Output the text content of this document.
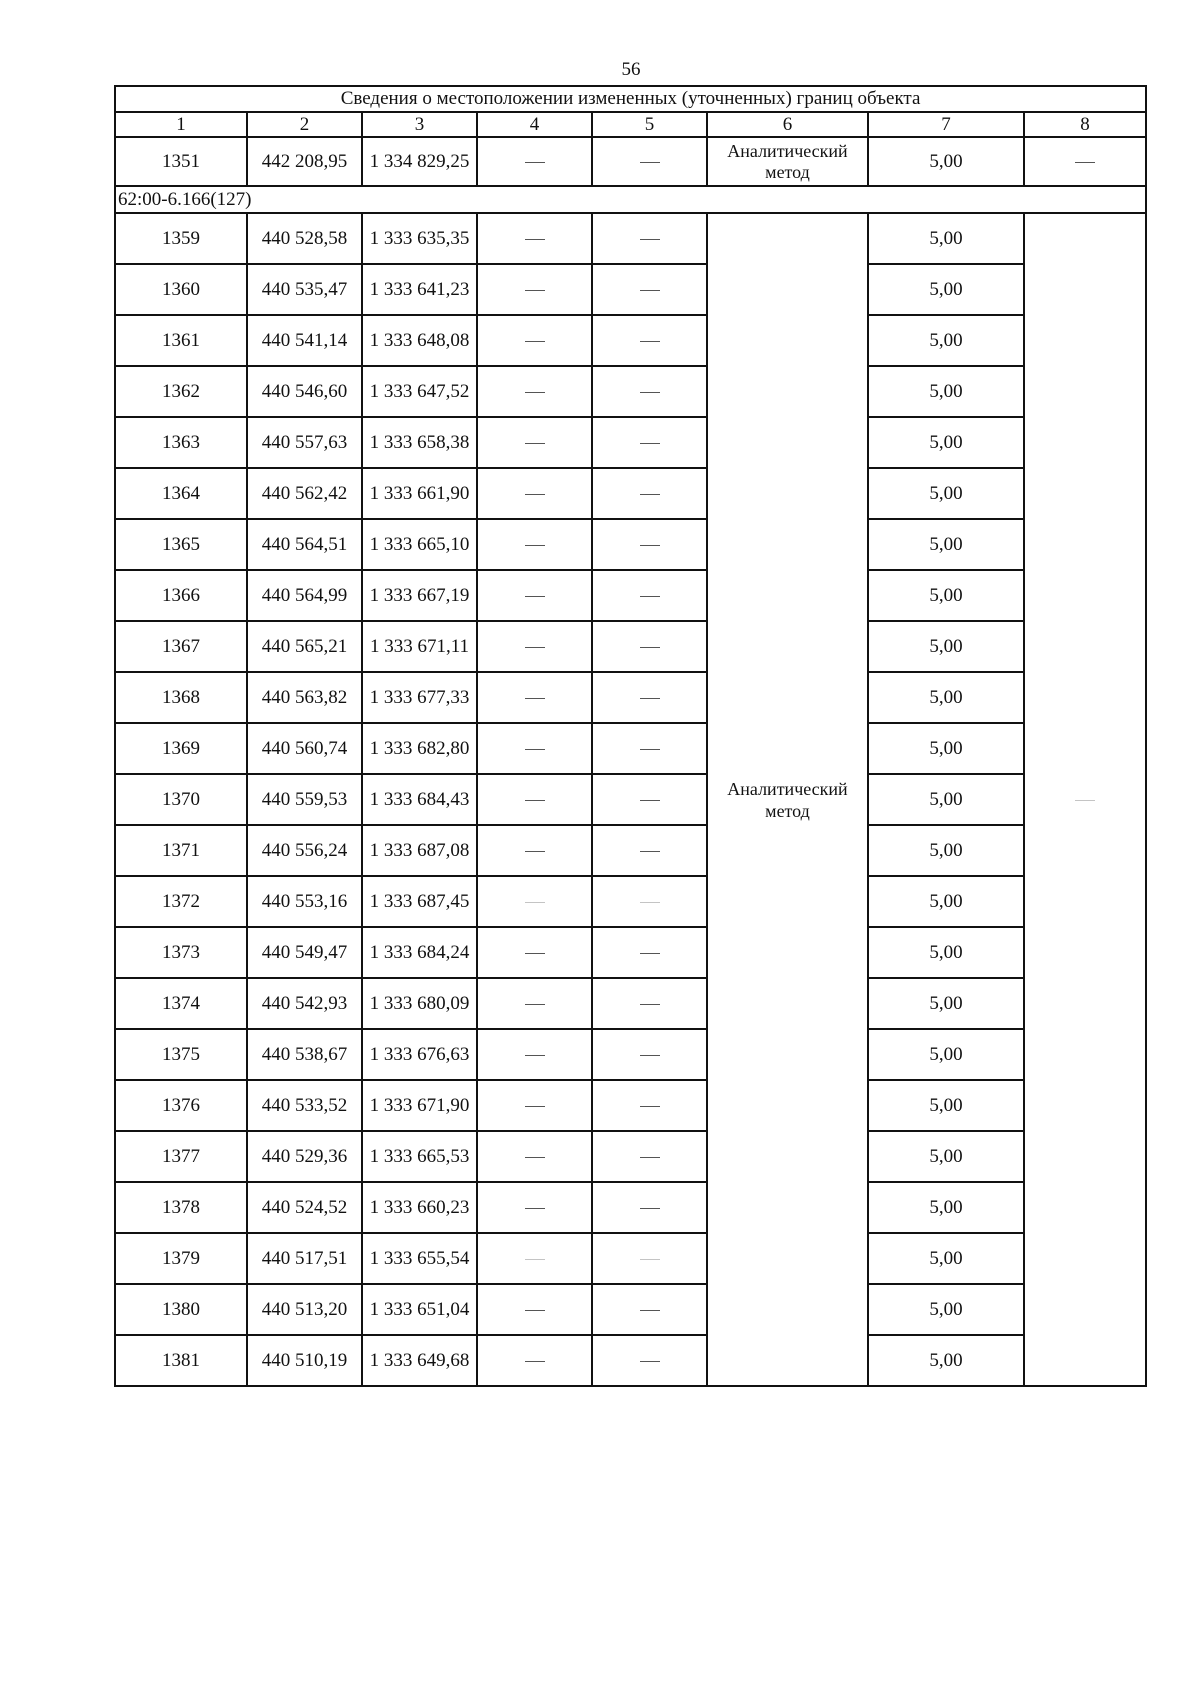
56
Сведения о местоположении измененных (уточненных) границ объекта							
1	2	3	4	5	6	7	8
1351	442 208,95	1 334 829,25			Аналитический метод	5,00	
62:00-6.166(127)							
1359	440 528,58	1 333 635,35			Аналитический метод	5,00	
1360	440 535,47	1 333 641,23				5,00	
1361	440 541,14	1 333 648,08				5,00	
1362	440 546,60	1 333 647,52				5,00	
1363	440 557,63	1 333 658,38				5,00	
1364	440 562,42	1 333 661,90				5,00	
1365	440 564,51	1 333 665,10				5,00	
1366	440 564,99	1 333 667,19				5,00	
1367	440 565,21	1 333 671,11				5,00	
1368	440 563,82	1 333 677,33				5,00	
1369	440 560,74	1 333 682,80				5,00	
1370	440 559,53	1 333 684,43				5,00	
1371	440 556,24	1 333 687,08				5,00	
1372	440 553,16	1 333 687,45				5,00	
1373	440 549,47	1 333 684,24				5,00	
1374	440 542,93	1 333 680,09				5,00	
1375	440 538,67	1 333 676,63				5,00	
1376	440 533,52	1 333 671,90				5,00	
1377	440 529,36	1 333 665,53				5,00	
1378	440 524,52	1 333 660,23				5,00	
1379	440 517,51	1 333 655,54				5,00	
1380	440 513,20	1 333 651,04				5,00	
1381	440 510,19	1 333 649,68				5,00	
